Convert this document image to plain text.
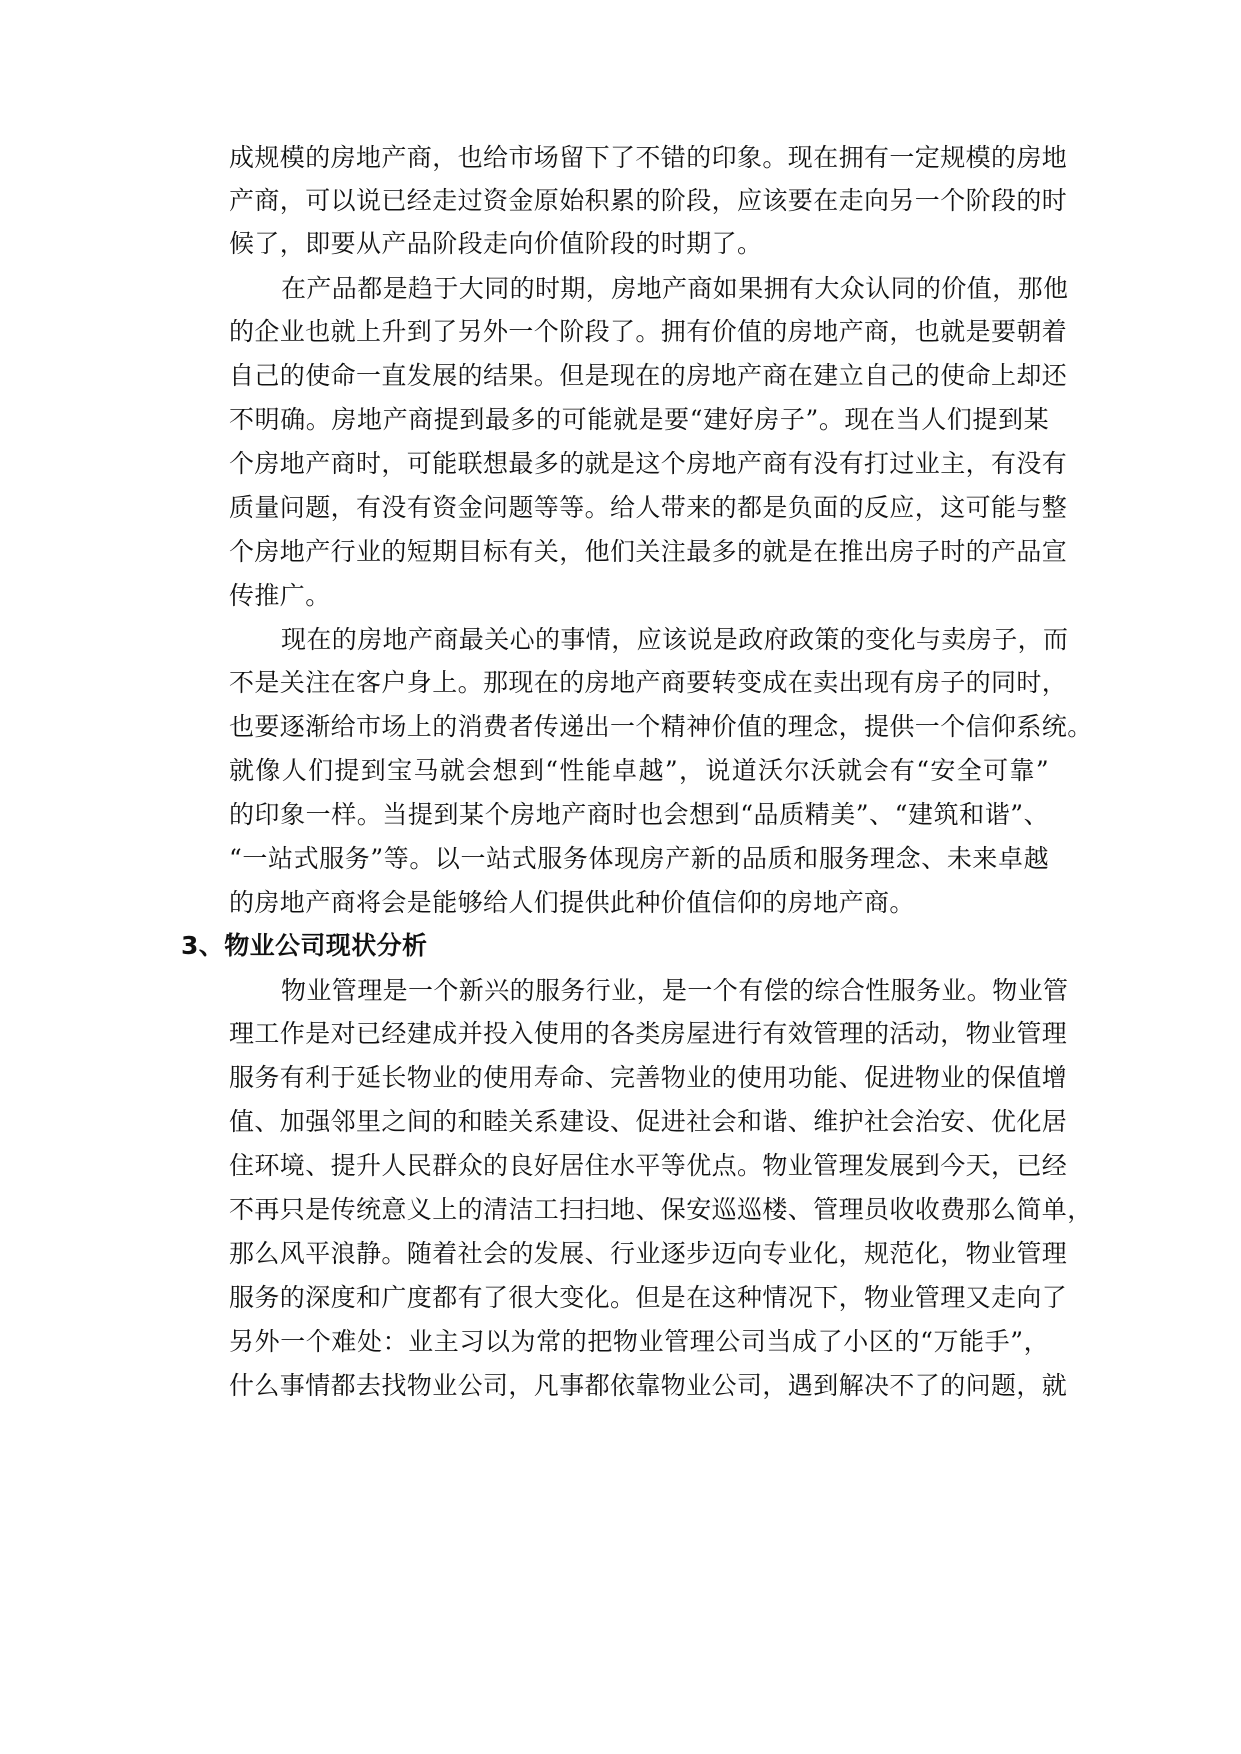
成规模的房地产商，也给市场留下了不错的印象。现在拥有一定规模的房地
产商，可以说已经走过资金原始积累的阶段，应该要在走向另一个阶段的时
候了，即要从产品阶段走向价值阶段的时期了。
在产品都是趋于大同的时期，房地产商如果拥有大众认同的价值，那他
的企业也就上升到了另外一个阶段了。拥有价值的房地产商，也就是要朝着
自己的使命一直发展的结果。但是现在的房地产商在建立自己的使命上却还
不明确。房地产商提到最多的可能就是要“建好房子”。现在当人们提到某
个房地产商时，可能联想最多的就是这个房地产商有没有打过业主，有没有
质量问题，有没有资金问题等等。给人带来的都是负面的反应，这可能与整
个房地产行业的短期目标有关，他们关注最多的就是在推出房子时的产品宣
传推广。
现在的房地产商最关心的事情，应该说是政府政策的变化与卖房子，而
不是关注在客户身上。那现在的房地产商要转变成在卖出现有房子的同时，
也要逐渐给市场上的消费者传递出一个精神价值的理念，提供一个信仰系统。
就像人们提到宝马就会想到“性能卓越”，说道沃尔沃就会有“安全可靠”
的印象一样。当提到某个房地产商时也会想到“品质精美”、“建筑和谐”、
“一站式服务”等。以一站式服务体现房产新的品质和服务理念、未来卓越
的房地产商将会是能够给人们提供此种价值信仰的房地产商。
3、物业公司现状分析
物业管理是一个新兴的服务行业，是一个有偿的综合性服务业。物业管
理工作是对已经建成并投入使用的各类房屋进行有效管理的活动，物业管理
服务有利于延长物业的使用寿命、完善物业的使用功能、促进物业的保值增
值、加强邻里之间的和睦关系建设、促进社会和谐、维护社会治安、优化居
住环境、提升人民群众的良好居住水平等优点。物业管理发展到今天，已经
不再只是传统意义上的清洁工扫扫地、保安巡巡楼、管理员收收费那么简单，
那么风平浪静。随着社会的发展、行业逐步迈向专业化，规范化，物业管理
服务的深度和广度都有了很大变化。但是在这种情况下，物业管理又走向了
另外一个难处：业主习以为常的把物业管理公司当成了小区的“万能手”，
什么事情都去找物业公司，凡事都依靠物业公司，遇到解决不了的问题，就
